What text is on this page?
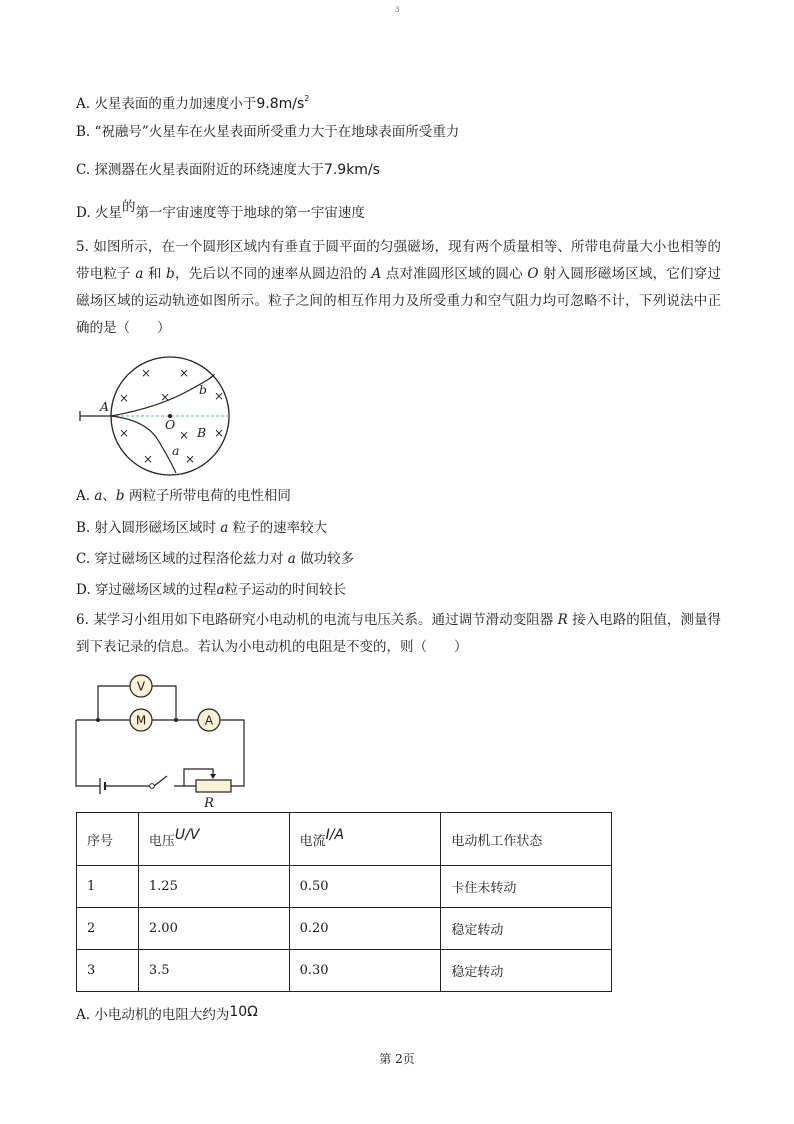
3
A. 火星表面的重力加速度小于$9.8m/s^2$
B. “祝融号”火星车在火星表面所受重力大于在地球表面所受重力
C. 探测器在火星表面附近的环绕速度大于7.9km/s
D. 火星的第一宇宙速度等于地球的第一宇宙速度
5. 如图所示，在一个圆形区域内有垂直于圆平面的匀强磁场，现有两个质量相等、所带电荷量大小也相等的带电粒子 a 和 b，先后以不同的速率从圆边沿的 A 点对准圆形区域的圆心 O 射入圆形磁场区域，它们穿过磁场区域的运动轨迹如图所示。粒子之间的相互作用力及所受重力和空气阻力均可忽略不计，下列说法中正确的是（　　）
× ×
×	×	×
×	× ×
×	×
A
O
B
a
b
A. a、b 两粒子所带电荷的电性相同
B. 射入圆形磁场区域时 a 粒子的速率较大
C. 穿过磁场区域的过程洛伦兹力对 a 做功较多
D. 穿过磁场区域的过程a粒子运动的时间较长
6. 某学习小组用如下电路研究小电动机的电流与电压关系。通过调节滑动变阻器 R 接入电路的阻值，测量得到下表记录的信息。若认为小电动机的电阻是不变的，则（　　）
V
M	A
R
序号	电压U/V	电流I/A	电动机工作状态
1	1.25	0.50	卡住未转动
2	2.00	0.20	稳定转动
3	3.5	0.30	稳定转动
A. 小电动机的电阻大约为10Ω
第 2页
